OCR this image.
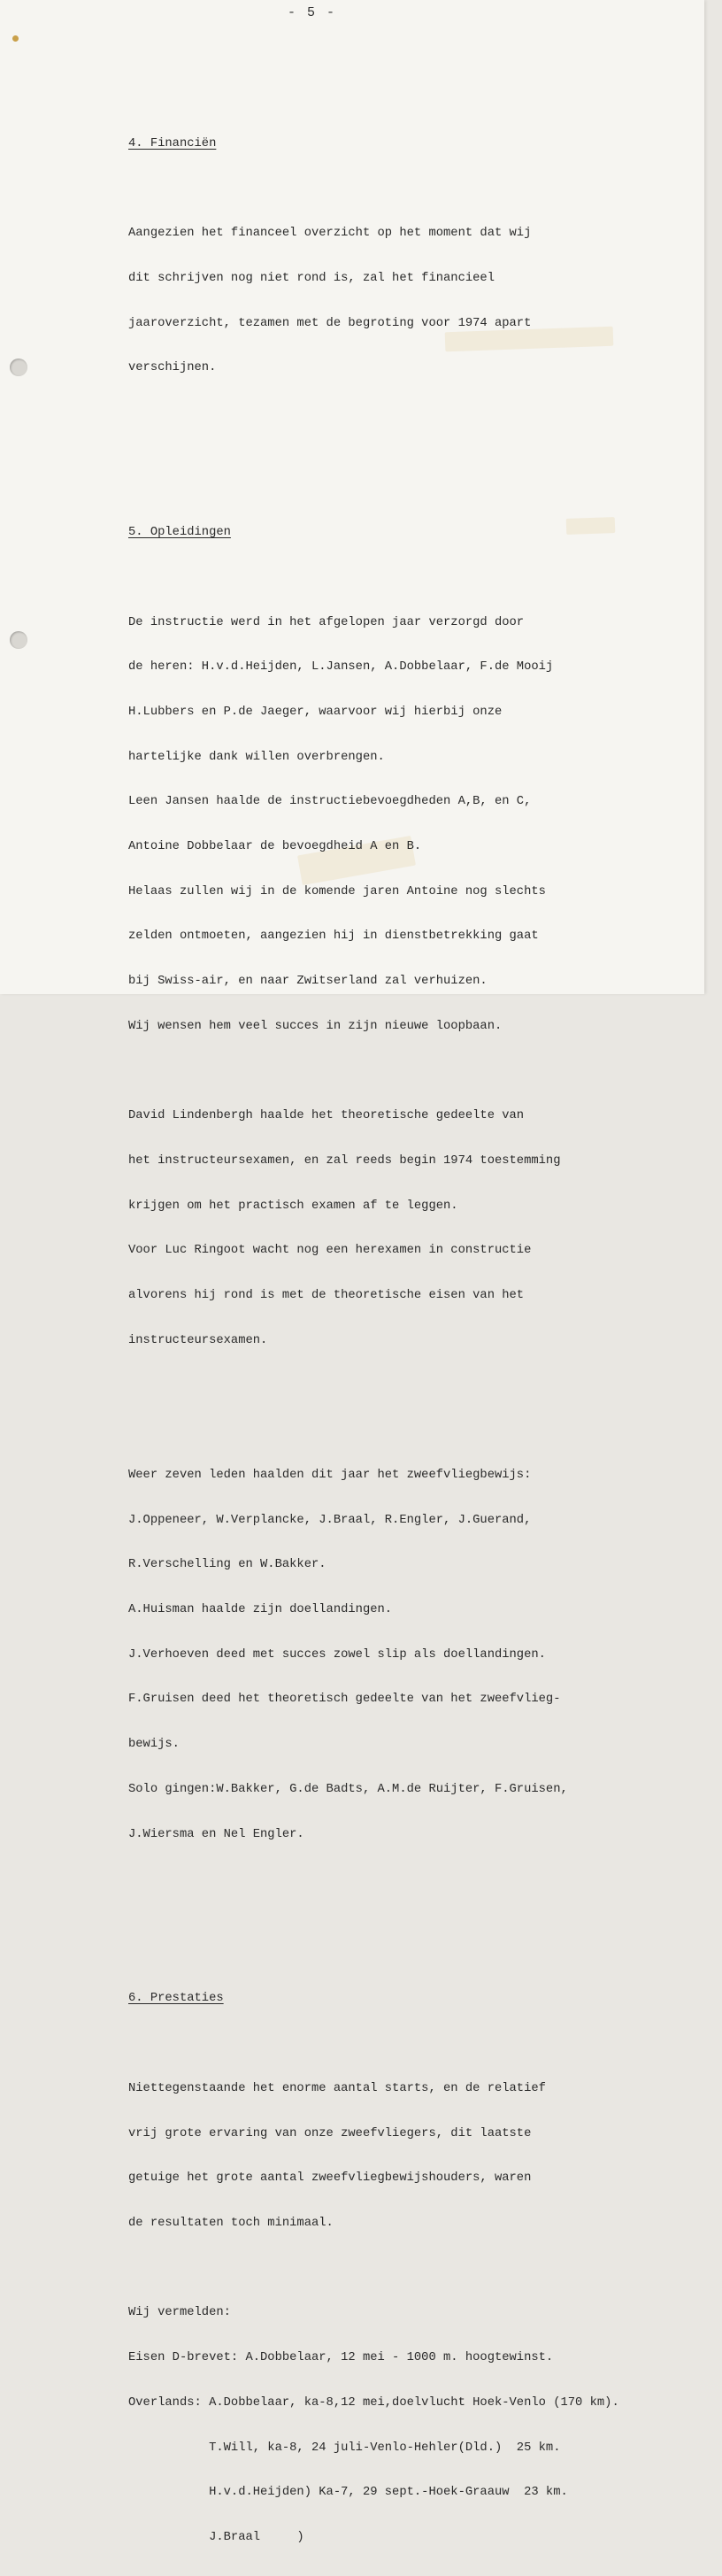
- 5 -

4. Financiën

Aangezien het financeel overzicht op het moment dat wij

dit schrijven nog niet rond is, zal het financieel

jaaroverzicht, tezamen met de begroting voor 1974 apart

verschijnen.

5. Opleidingen

De instructie werd in het afgelopen jaar verzorgd door

de heren: H.v.d.Heijden, L.Jansen, A.Dobbelaar, F.de Mooij

H.Lubbers en P.de Jaeger, waarvoor wij hierbij onze

hartelijke dank willen overbrengen.

Leen Jansen haalde de instructiebevoegdheden A,B, en C,

Antoine Dobbelaar de bevoegdheid A en B.

Helaas zullen wij in de komende jaren Antoine nog slechts

zelden ontmoeten, aangezien hij in dienstbetrekking gaat

bij Swiss-air, en naar Zwitserland zal verhuizen.

Wij wensen hem veel succes in zijn nieuwe loopbaan.

David Lindenbergh haalde het theoretische gedeelte van

het instructeursexamen, en zal reeds begin 1974 toestemming

krijgen om het practisch examen af te leggen.

Voor Luc Ringoot wacht nog een herexamen in constructie

alvorens hij rond is met de theoretische eisen van het

instructeursexamen.

Weer zeven leden haalden dit jaar het zweefvliegbewijs:

J.Oppeneer, W.Verplancke, J.Braal, R.Engler, J.Guerand,

R.Verschelling en W.Bakker.

A.Huisman haalde zijn doellandingen.

J.Verhoeven deed met succes zowel slip als doellandingen.

F.Gruisen deed het theoretisch gedeelte van het zweefvlieg-

bewijs.

Solo gingen:W.Bakker, G.de Badts, A.M.de Ruijter, F.Gruisen,

J.Wiersma en Nel Engler.

6. Prestaties

Niettegenstaande het enorme aantal starts, en de relatief

vrij grote ervaring van onze zweefvliegers, dit laatste

getuige het grote aantal zweefvliegbewijshouders, waren

de resultaten toch minimaal.

Wij vermelden:

Eisen D-brevet: A.Dobbelaar, 12 mei - 1000 m. hoogtewinst.

Overlands: A.Dobbelaar, ka-8,12 mei,doelvlucht Hoek-Venlo (170 km).

T.Will, ka-8, 24 juli-Venlo-Hehler(Dld.)  25 km.

H.v.d.Heijden) Ka-7, 29 sept.-Hoek-Graauw  23 km.

J.Braal     )
